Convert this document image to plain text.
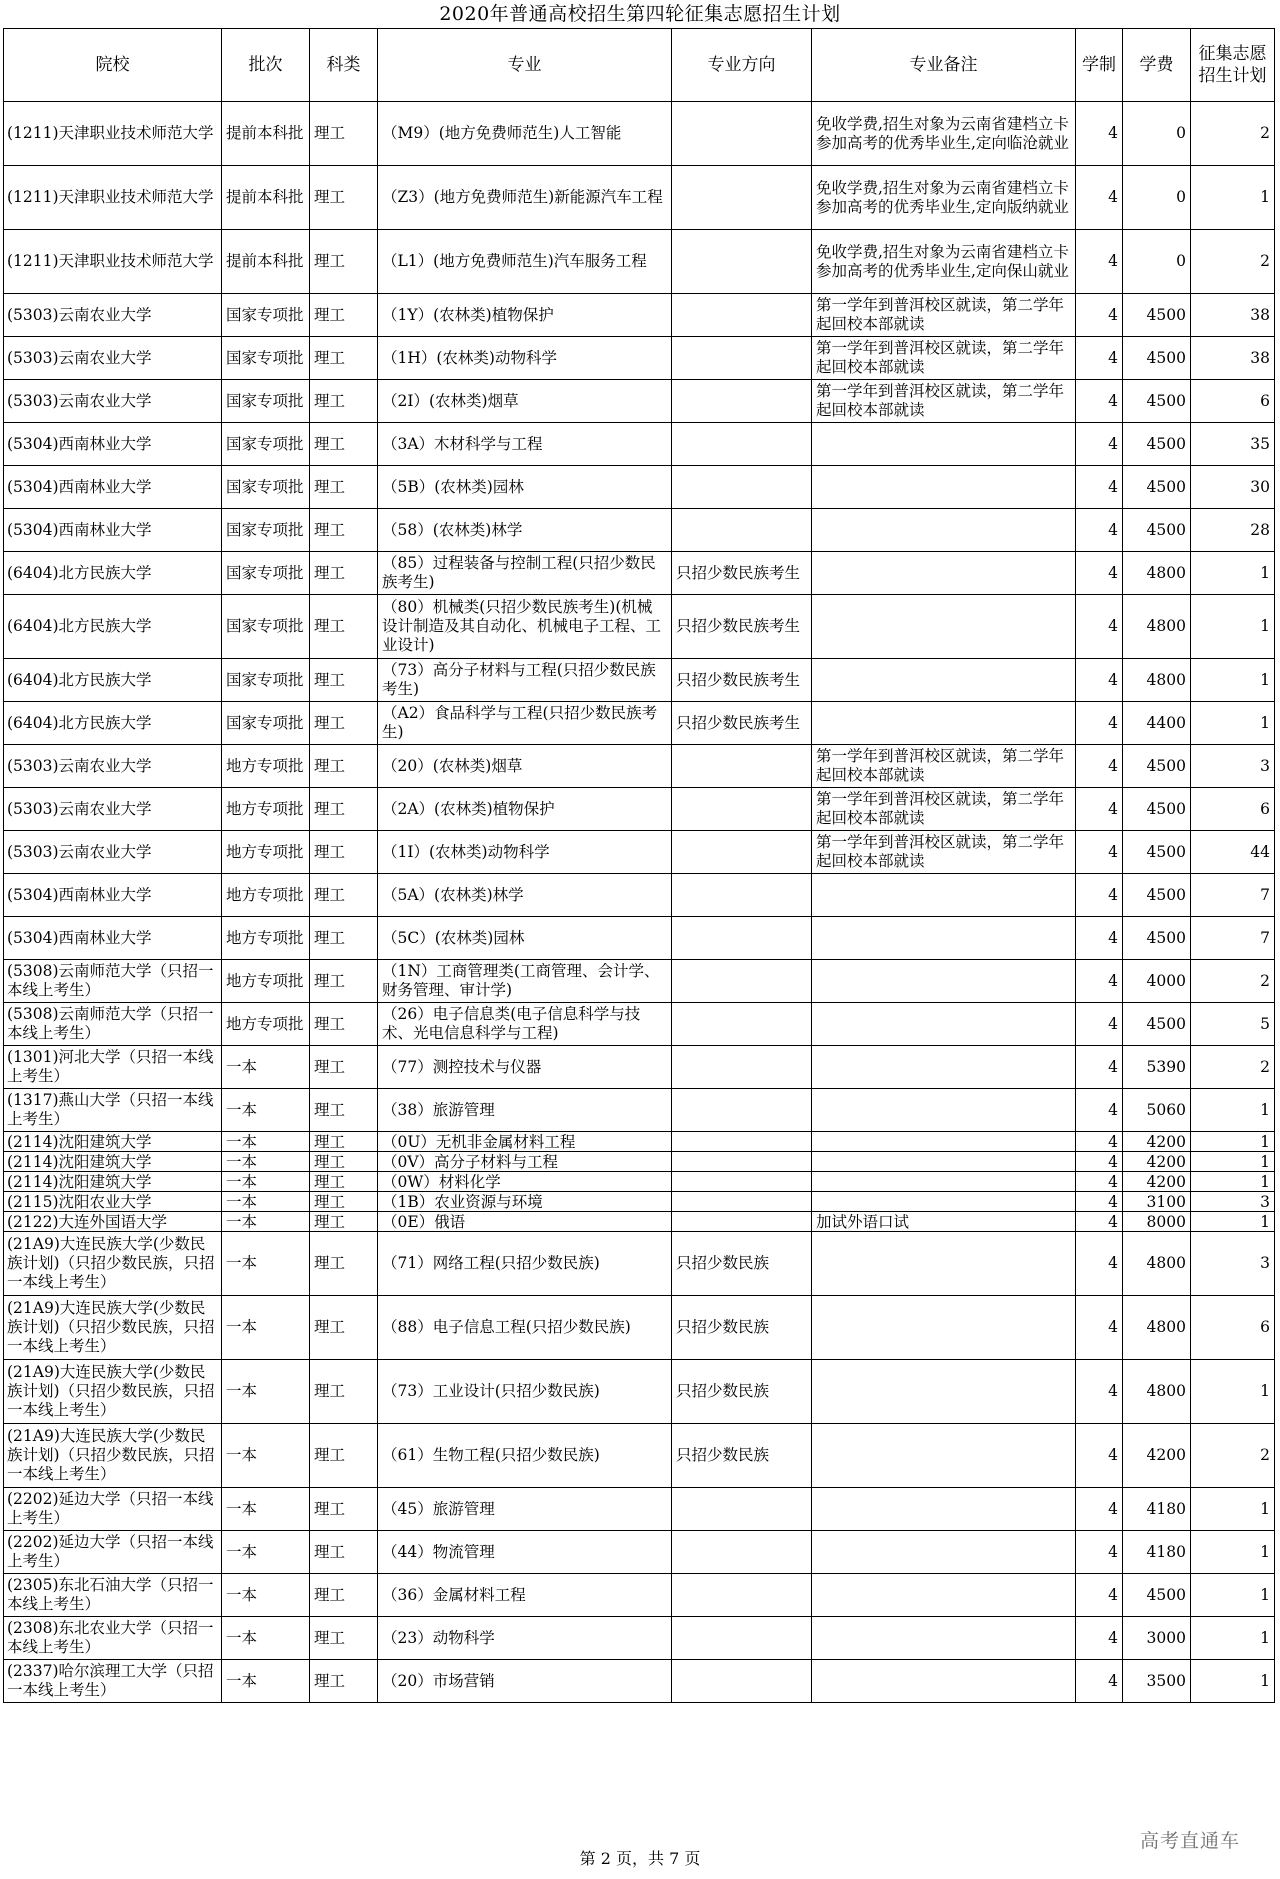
2020年普通高校招生第四轮征集志愿招生计划
院校	批次	科类	专业	专业方向	专业备注	学制	学费	征集志愿招生计划
(1211)天津职业技术师范大学	提前本科批	理工	（M9）(地方免费师范生)人工智能		免收学费,招生对象为云南省建档立卡参加高考的优秀毕业生,定向临沧就业	4	0	2
(1211)天津职业技术师范大学	提前本科批	理工	（Z3）(地方免费师范生)新能源汽车工程		免收学费,招生对象为云南省建档立卡参加高考的优秀毕业生,定向版纳就业	4	0	1
(1211)天津职业技术师范大学	提前本科批	理工	（L1）(地方免费师范生)汽车服务工程		免收学费,招生对象为云南省建档立卡参加高考的优秀毕业生,定向保山就业	4	0	2
(5303)云南农业大学	国家专项批	理工	（1Y）(农林类)植物保护		第一学年到普洱校区就读，第二学年起回校本部就读	4	4500	38
(5303)云南农业大学	国家专项批	理工	（1H）(农林类)动物科学		第一学年到普洱校区就读，第二学年起回校本部就读	4	4500	38
(5303)云南农业大学	国家专项批	理工	（2I）(农林类)烟草		第一学年到普洱校区就读，第二学年起回校本部就读	4	4500	6
(5304)西南林业大学	国家专项批	理工	（3A）木材科学与工程			4	4500	35
(5304)西南林业大学	国家专项批	理工	（5B）(农林类)园林			4	4500	30
(5304)西南林业大学	国家专项批	理工	（58）(农林类)林学			4	4500	28
(6404)北方民族大学	国家专项批	理工	（85）过程装备与控制工程(只招少数民族考生)	只招少数民族考生		4	4800	1
(6404)北方民族大学	国家专项批	理工	（80）机械类(只招少数民族考生)(机械设计制造及其自动化、机械电子工程、工业设计)	只招少数民族考生		4	4800	1
(6404)北方民族大学	国家专项批	理工	（73）高分子材料与工程(只招少数民族考生)	只招少数民族考生		4	4800	1
(6404)北方民族大学	国家专项批	理工	（A2）食品科学与工程(只招少数民族考生)	只招少数民族考生		4	4400	1
(5303)云南农业大学	地方专项批	理工	（20）(农林类)烟草		第一学年到普洱校区就读，第二学年起回校本部就读	4	4500	3
(5303)云南农业大学	地方专项批	理工	（2A）(农林类)植物保护		第一学年到普洱校区就读，第二学年起回校本部就读	4	4500	6
(5303)云南农业大学	地方专项批	理工	（1I）(农林类)动物科学		第一学年到普洱校区就读，第二学年起回校本部就读	4	4500	44
(5304)西南林业大学	地方专项批	理工	（5A）(农林类)林学			4	4500	7
(5304)西南林业大学	地方专项批	理工	（5C）(农林类)园林			4	4500	7
(5308)云南师范大学（只招一本线上考生）	地方专项批	理工	（1N）工商管理类(工商管理、会计学、财务管理、审计学)			4	4000	2
(5308)云南师范大学（只招一本线上考生）	地方专项批	理工	（26）电子信息类(电子信息科学与技术、光电信息科学与工程)			4	4500	5
(1301)河北大学（只招一本线上考生）	一本	理工	（77）测控技术与仪器			4	5390	2
(1317)燕山大学（只招一本线上考生）	一本	理工	（38）旅游管理			4	5060	1
(2114)沈阳建筑大学	一本	理工	（0U）无机非金属材料工程			4	4200	1
(2114)沈阳建筑大学	一本	理工	（0V）高分子材料与工程			4	4200	1
(2114)沈阳建筑大学	一本	理工	（0W）材料化学			4	4200	1
(2115)沈阳农业大学	一本	理工	（1B）农业资源与环境			4	3100	3
(2122)大连外国语大学	一本	理工	（0E）俄语		加试外语口试	4	8000	1
(21A9)大连民族大学(少数民族计划)（只招少数民族，只招一本线上考生）	一本	理工	（71）网络工程(只招少数民族)	只招少数民族		4	4800	3
(21A9)大连民族大学(少数民族计划)（只招少数民族，只招一本线上考生）	一本	理工	（88）电子信息工程(只招少数民族)	只招少数民族		4	4800	6
(21A9)大连民族大学(少数民族计划)（只招少数民族，只招一本线上考生）	一本	理工	（73）工业设计(只招少数民族)	只招少数民族		4	4800	1
(21A9)大连民族大学(少数民族计划)（只招少数民族，只招一本线上考生）	一本	理工	（61）生物工程(只招少数民族)	只招少数民族		4	4200	2
(2202)延边大学（只招一本线上考生）	一本	理工	（45）旅游管理			4	4180	1
(2202)延边大学（只招一本线上考生）	一本	理工	（44）物流管理			4	4180	1
(2305)东北石油大学（只招一本线上考生）	一本	理工	（36）金属材料工程			4	4500	1
(2308)东北农业大学（只招一本线上考生）	一本	理工	（23）动物科学			4	3000	1
(2337)哈尔滨理工大学（只招一本线上考生）	一本	理工	（20）市场营销			4	3500	1
高考直通车
第 2 页，共 7 页
